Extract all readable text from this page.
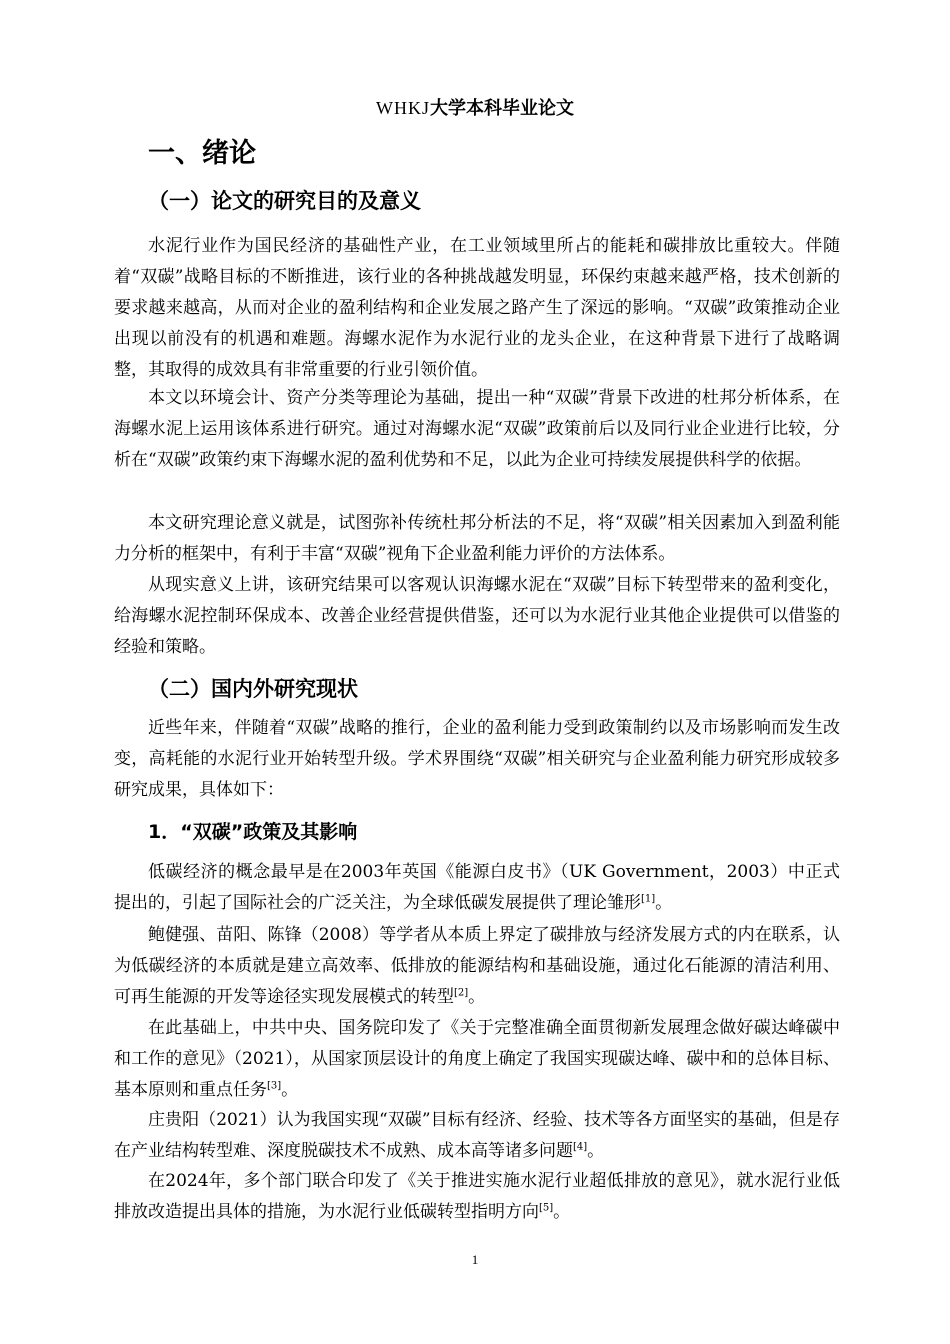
WHKJ大学本科毕业论文
一、绪论
（一）论文的研究目的及意义

水泥行业作为国民经济的基础性产业，在工业领域里所占的能耗和碳排放比重较大。伴随着“双碳”战略目标的不断推进，该行业的各种挑战越发明显，环保约束越来越严格，技术创新的要求越来越高，从而对企业的盈利结构和企业发展之路产生了深远的影响。“双碳”政策推动企业出现以前没有的机遇和难题。海螺水泥作为水泥行业的龙头企业，在这种背景下进行了战略调整，其取得的成效具有非常重要的行业引领价值。

本文以环境会计、资产分类等理论为基础，提出一种“双碳”背景下改进的杜邦分析体系，在海螺水泥上运用该体系进行研究。通过对海螺水泥“双碳”政策前后以及同行业企业进行比较，分析在“双碳”政策约束下海螺水泥的盈利优势和不足，以此为企业可持续发展提供科学的依据。

本文研究理论意义就是，试图弥补传统杜邦分析法的不足，将“双碳”相关因素加入到盈利能力分析的框架中，有利于丰富“双碳”视角下企业盈利能力评价的方法体系。

从现实意义上讲，该研究结果可以客观认识海螺水泥在“双碳”目标下转型带来的盈利变化，给海螺水泥控制环保成本、改善企业经营提供借鉴，还可以为水泥行业其他企业提供可以借鉴的经验和策略。

（二）国内外研究现状

近些年来，伴随着“双碳”战略的推行，企业的盈利能力受到政策制约以及市场影响而发生改变，高耗能的水泥行业开始转型升级。学术界围绕“双碳”相关研究与企业盈利能力研究形成较多研究成果，具体如下：

1．“双碳”政策及其影响

低碳经济的概念最早是在2003年英国《能源白皮书》（UK Government，2003）中正式提出的，引起了国际社会的广泛关注，为全球低碳发展提供了理论雏形[1]。

鲍健强、苗阳、陈锋（2008）等学者从本质上界定了碳排放与经济发展方式的内在联系，认为低碳经济的本质就是建立高效率、低排放的能源结构和基础设施，通过化石能源的清洁利用、可再生能源的开发等途径实现发展模式的转型[2]。

在此基础上，中共中央、国务院印发了《关于完整准确全面贯彻新发展理念做好碳达峰碳中和工作的意见》（2021），从国家顶层设计的角度上确定了我国实现碳达峰、碳中和的总体目标、基本原则和重点任务[3]。

庄贵阳（2021）认为我国实现“双碳”目标有经济、经验、技术等各方面坚实的基础，但是存在产业结构转型难、深度脱碳技术不成熟、成本高等诸多问题[4]。

在2024年，多个部门联合印发了《关于推进实施水泥行业超低排放的意见》，就水泥行业低排放改造提出具体的措施，为水泥行业低碳转型指明方向[5]。

1
